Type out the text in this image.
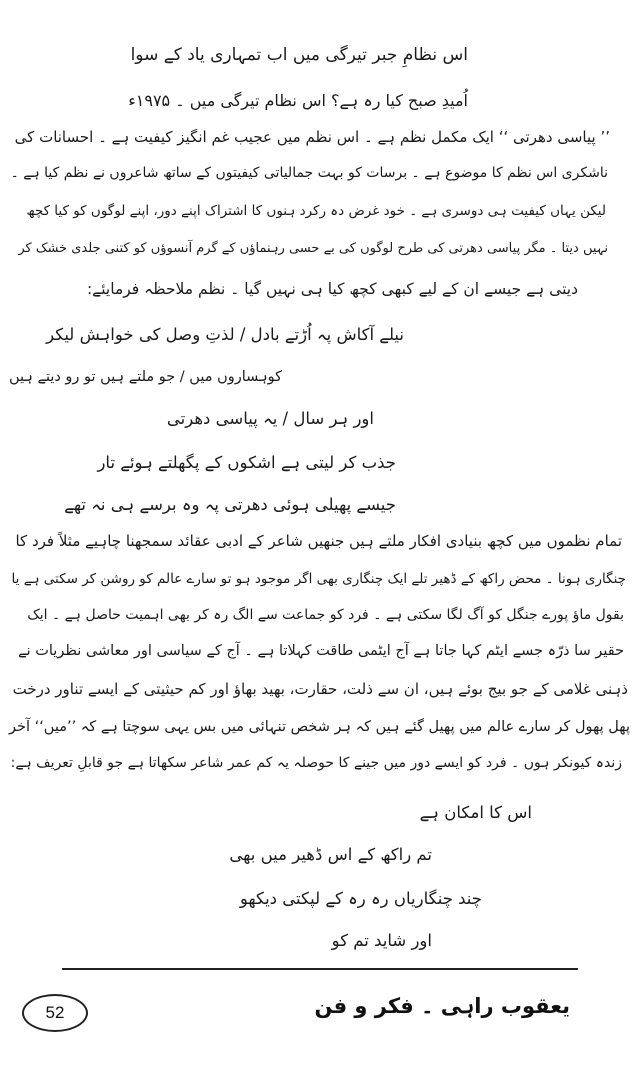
اس نظامِ جبر تیرگی میں اب تمہاری یاد کے سوا
اُمیدِ صبح کیا رہ ہے؟ اس نظام تیرگی میں ۔ ۱۹۷۵ء
’’ پیاسی دھرتی ‘‘ ایک مکمل نظم ہے ۔ اس نظم میں عجیب غم انگیز کیفیت ہے ۔ احسانات کی
ناشکری اس نظم کا موضوع ہے ۔ برسات کو بہت جمالیاتی کیفیتوں کے ساتھ شاعروں نے نظم کیا ہے ۔
لیکن یہاں کیفیت ہی دوسری ہے ۔ خود غرض دہ رکرد ہنوں کا اشتراک اپنے دور، اپنے لوگوں کو کیا کچھ
نہیں دیتا ۔ مگر پیاسی دھرتی کی طرح لوگوں کی بے حسی رہنماؤں کے گرم آنسوؤں کو کتنی جلدی خشک کر
دیتی ہے جیسے ان کے لیے کبھی کچھ کیا ہی نہیں گیا ۔ نظم ملاحظہ فرمایئے:
نیلے آکاش پہ اُڑتے بادل / لذتِ وصل کی خواہش لیکر
کوہساروں میں / جو ملتے ہیں تو رو دیتے ہیں
اور ہر سال / یہ پیاسی دھرتی
جذب کر لیتی ہے اشکوں کے پگھلتے ہوئے تار
جیسے پھیلی ہوئی دھرتی پہ وہ برسے ہی نہ تھے
تمام نظموں میں کچھ بنیادی افکار ملتے ہیں جنھیں شاعر کے ادبی عقائد سمجھنا چاہیے مثلاً فرد کا
چنگاری ہونا ۔ محض راکھ کے ڈھیر تلے ایک چنگاری بھی اگر موجود ہو تو سارے عالم کو روشن کر سکتی ہے یا
بقول ماؤ پورے جنگل کو آگ لگا سکتی ہے ۔ فرد کو جماعت سے الگ رہ کر بھی اہمیت حاصل ہے ۔ ایک
حقیر سا ذرّہ جسے ایٹم کہا جاتا ہے آج ایٹمی طاقت کہلاتا ہے ۔ آج کے سیاسی اور معاشی نظریات نے
ذہنی غلامی کے جو بیج بوئے ہیں، ان سے ذلت، حقارت، بھید بھاؤ اور کم حیثیتی کے ایسے تناور درخت
پھل پھول کر سارے عالم میں پھیل گئے ہیں کہ ہر شخص تنہائی میں بس یہی سوچتا ہے کہ ’’میں‘‘ آخر
زندہ کیونکر ہوں ۔ فرد کو ایسے دور میں جینے کا حوصلہ یہ کم عمر شاعر سکھاتا ہے جو قابلِ تعریف ہے:
اس کا امکان ہے
تم راکھ کے اس ڈھیر میں بھی
چند چنگاریاں رہ رہ کے لپکتی دیکھو
اور شاید تم کو
52	یعقوب راہی ۔ فکر و فن
